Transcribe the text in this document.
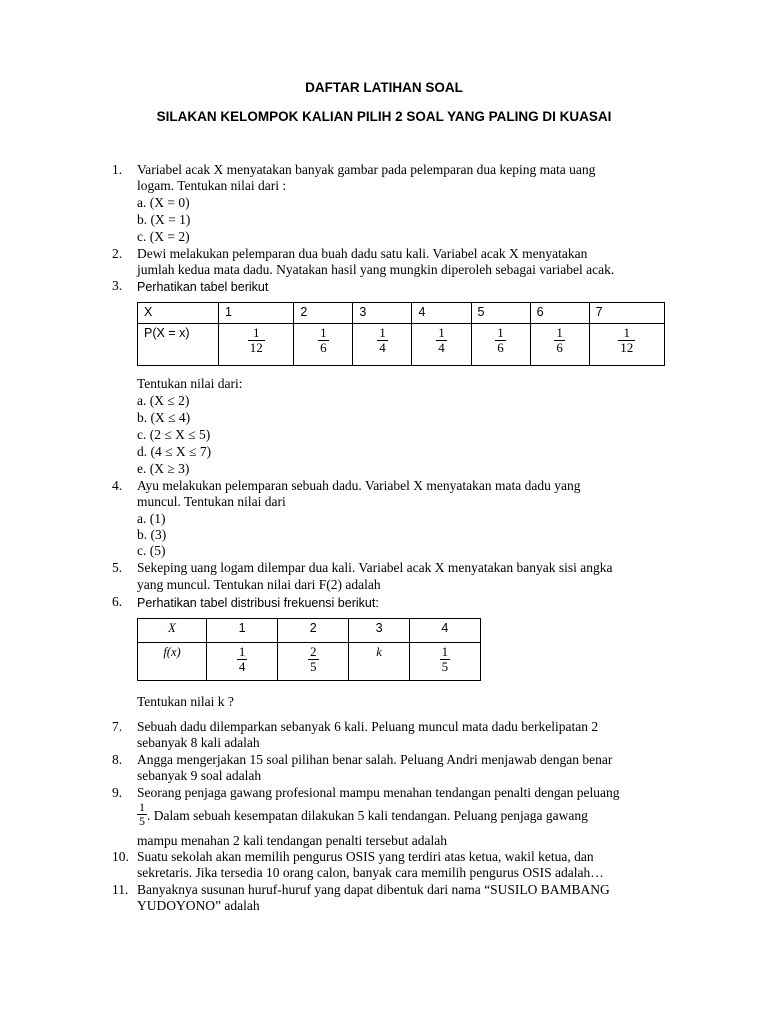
DAFTAR LATIHAN SOAL
SILAKAN KELOMPOK KALIAN PILIH 2 SOAL YANG PALING DI KUASAI
1.	Variabel acak X menyatakan banyak gambar pada pelemparan dua keping mata uang
logam. Tentukan nilai dari :
a. (X = 0)
b. (X = 1)
c. (X = 2)
2.	Dewi melakukan pelemparan dua buah dadu satu kali. Variabel acak X menyatakan
jumlah kedua mata dadu. Nyatakan hasil yang mungkin diperoleh sebagai variabel acak.
3.	Perhatikan tabel berikut
X	1	2	3	4	5	6	7
P(X = x)	$\frac{1}{12}$	$\frac{1}{6}$	$\frac{1}{4}$	$\frac{1}{4}$	$\frac{1}{6}$	$\frac{1}{6}$	$\frac{1}{12}$
Tentukan nilai dari:
a. (X ≤ 2)
b. (X ≤ 4)
c. (2 ≤ X ≤ 5)
d. (4 ≤ X ≤ 7)
e. (X ≥ 3)
4.	Ayu melakukan pelemparan sebuah dadu. Variabel X menyatakan mata dadu yang
muncul. Tentukan nilai dari
a. (1)
b. (3)
c. (5)
5.	Sekeping uang logam dilempar dua kali. Variabel acak X menyatakan banyak sisi angka
yang muncul. Tentukan nilai dari F(2) adalah
6.	Perhatikan tabel distribusi frekuensi berikut:
X	1	2	3	4
f(x)	$\frac{1}{4}$	$\frac{2}{5}$	k	$\frac{1}{5}$
Tentukan nilai k ?
7.	Sebuah dadu dilemparkan sebanyak 6 kali. Peluang muncul mata dadu berkelipatan 2
sebanyak 8 kali adalah
8.	Angga mengerjakan 15 soal pilihan benar salah. Peluang Andri menjawab dengan benar
sebanyak 9 soal adalah
9.	Seorang penjaga gawang profesional mampu menahan tendangan penalti dengan peluang
1
5 . Dalam sebuah kesempatan dilakukan 5 kali tendangan. Peluang penjaga gawang
mampu menahan 2 kali tendangan penalti tersebut adalah
10. Suatu sekolah akan memilih pengurus OSIS yang terdiri atas ketua, wakil ketua, dan
sekretaris. Jika tersedia 10 orang calon, banyak cara memilih pengurus OSIS adalah…
11. Banyaknya susunan huruf-huruf yang dapat dibentuk dari nama “SUSILO BAMBANG
YUDOYONO” adalah
